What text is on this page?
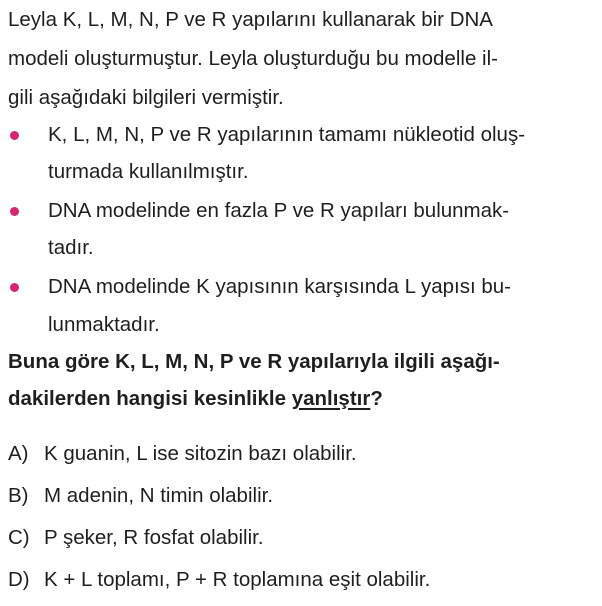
Leyla K, L, M, N, P ve R yapılarını kullanarak bir DNA
modeli oluşturmuştur. Leyla oluşturduğu bu modelle il-
gili aşağıdaki bilgileri vermiştir.
K, L, M, N, P ve R yapılarının tamamı nükleotid oluş-
turmada kullanılmıştır.
DNA modelinde en fazla P ve R yapıları bulunmak-
tadır.
DNA modelinde K yapısının karşısında L yapısı bu-
lunmaktadır.
Buna göre K, L, M, N, P ve R yapılarıyla ilgili aşağı-
dakilerden hangisi kesinlikle yanlıştır?
A) K guanin, L ise sitozin bazı olabilir.
B) M adenin, N timin olabilir.
C) P şeker, R fosfat olabilir.
D) K + L toplamı, P + R toplamına eşit olabilir.
